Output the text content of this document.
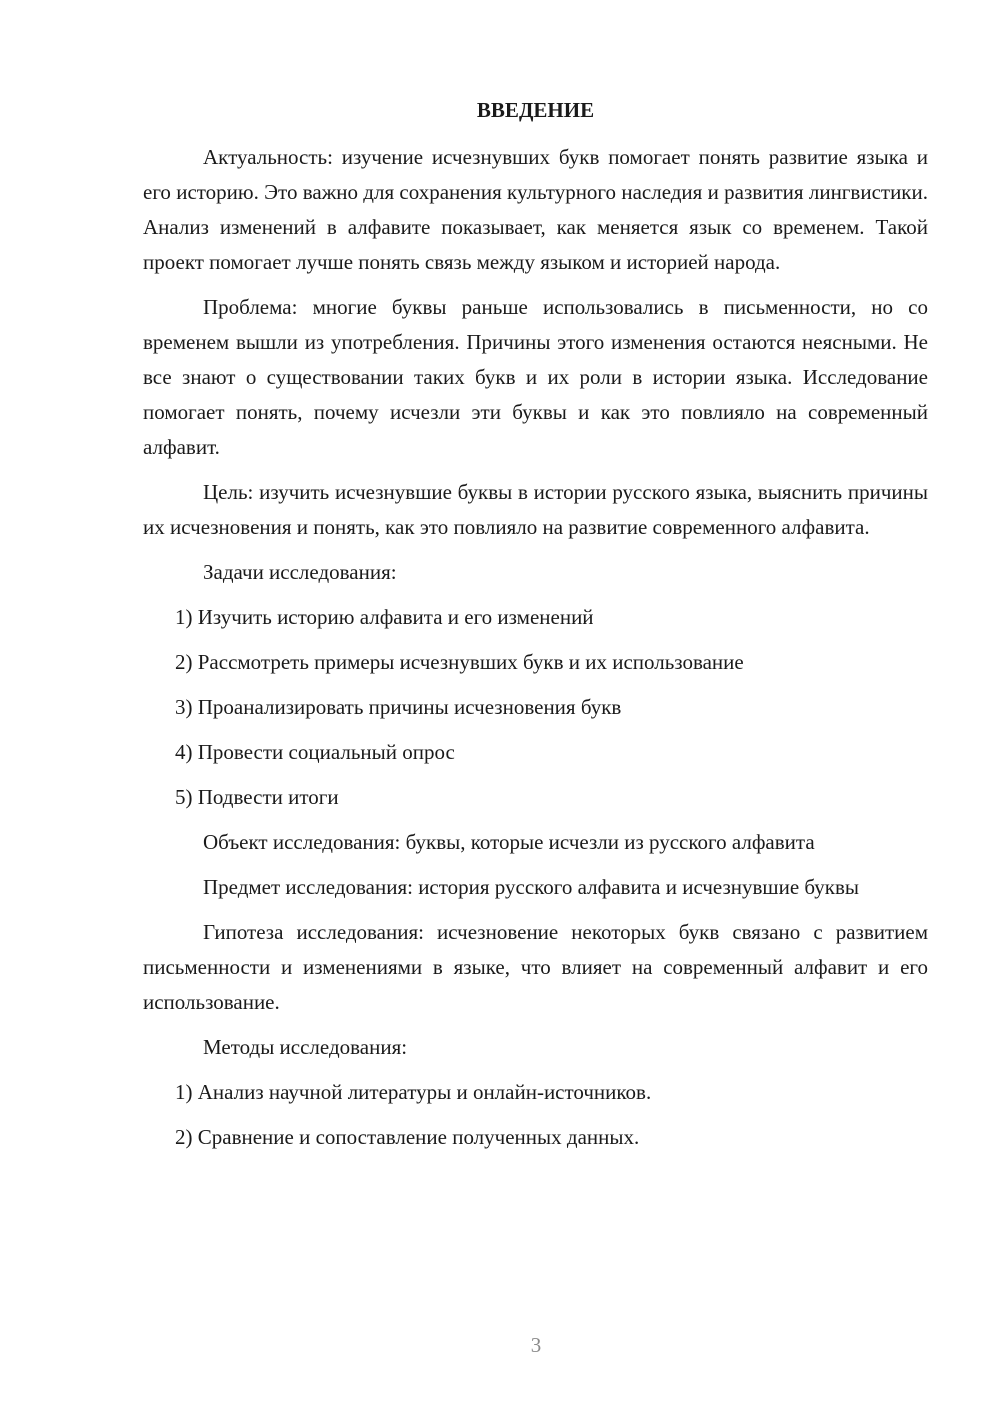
ВВЕДЕНИЕ

Актуальность: изучение исчезнувших букв помогает понять развитие языка и его историю. Это важно для сохранения культурного наследия и развития лингвистики. Анализ изменений в алфавите показывает, как меняется язык со временем. Такой проект помогает лучше понять связь между языком и историей народа.

Проблема: многие буквы раньше использовались в письменности, но со временем вышли из употребления. Причины этого изменения остаются неясными. Не все знают о существовании таких букв и их роли в истории языка. Исследование помогает понять, почему исчезли эти буквы и как это повлияло на современный алфавит.

Цель: изучить исчезнувшие буквы в истории русского языка, выяснить причины их исчезновения и понять, как это повлияло на развитие современного алфавита.

Задачи исследования:

1) Изучить историю алфавита и его изменений

2) Рассмотреть примеры исчезнувших букв и их использование

3) Проанализировать причины исчезновения букв

4) Провести социальный опрос

5) Подвести итоги

Объект исследования: буквы, которые исчезли из русского алфавита

Предмет исследования: история русского алфавита и исчезнувшие буквы

Гипотеза исследования: исчезновение некоторых букв связано с развитием письменности и изменениями в языке, что влияет на современный алфавит и его использование.

Методы исследования:

1) Анализ научной литературы и онлайн-источников.

2) Сравнение и сопоставление полученных данных.

3
